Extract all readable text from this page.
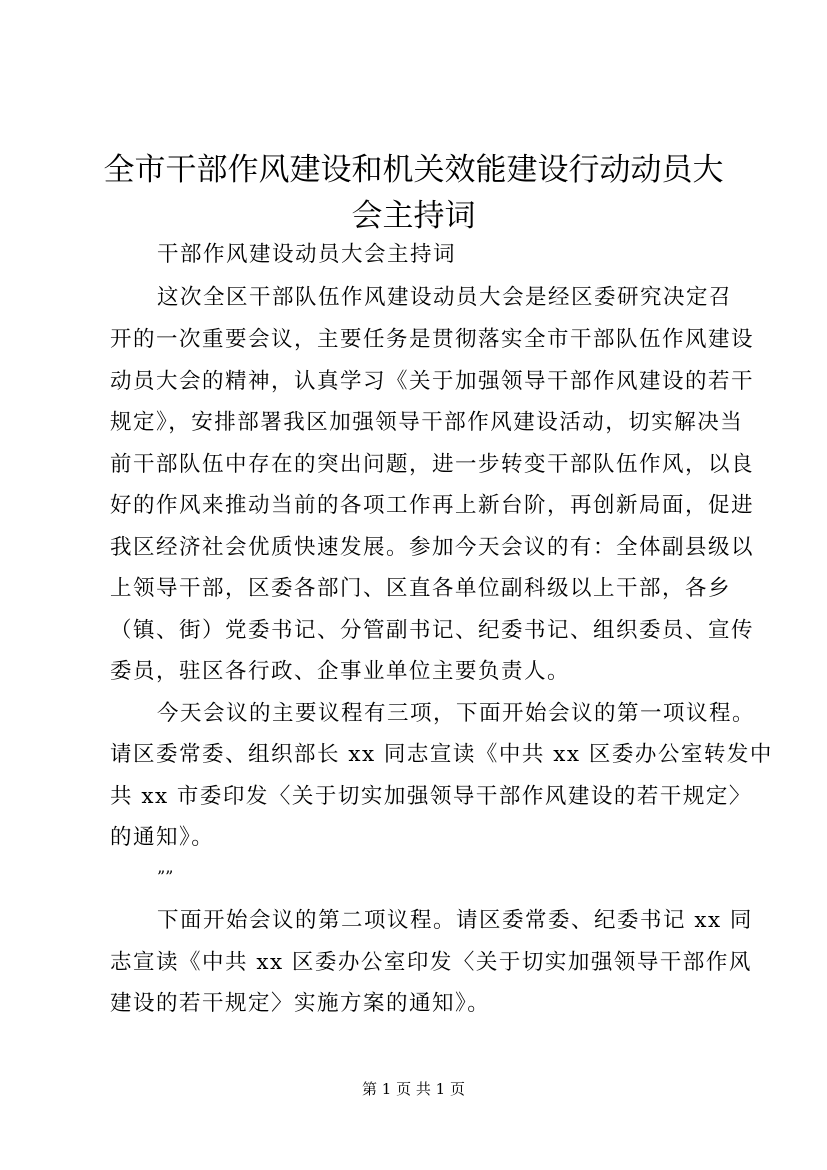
全市干部作风建设和机关效能建设行动动员大会主持词
干部作风建设动员大会主持词
这次全区干部队伍作风建设动员大会是经区委研究决定召
开的一次重要会议，主要任务是贯彻落实全市干部队伍作风建设
动员大会的精神，认真学习《关于加强领导干部作风建设的若干
规定》，安排部署我区加强领导干部作风建设活动，切实解决当
前干部队伍中存在的突出问题，进一步转变干部队伍作风，以良
好的作风来推动当前的各项工作再上新台阶，再创新局面，促进
我区经济社会优质快速发展。参加今天会议的有：全体副县级以
上领导干部，区委各部门、区直各单位副科级以上干部，各乡
（镇、街）党委书记、分管副书记、纪委书记、组织委员、宣传
委员，驻区各行政、企事业单位主要负责人。
今天会议的主要议程有三项，下面开始会议的第一项议程。
请区委常委、组织部长 xx 同志宣读《中共 xx 区委办公室转发中
共 xx 市委印发〈关于切实加强领导干部作风建设的若干规定〉
的通知》。
””
下面开始会议的第二项议程。请区委常委、纪委书记 xx 同
志宣读《中共 xx 区委办公室印发〈关于切实加强领导干部作风
建设的若干规定〉实施方案的通知》。
第 1 页 共 1 页
